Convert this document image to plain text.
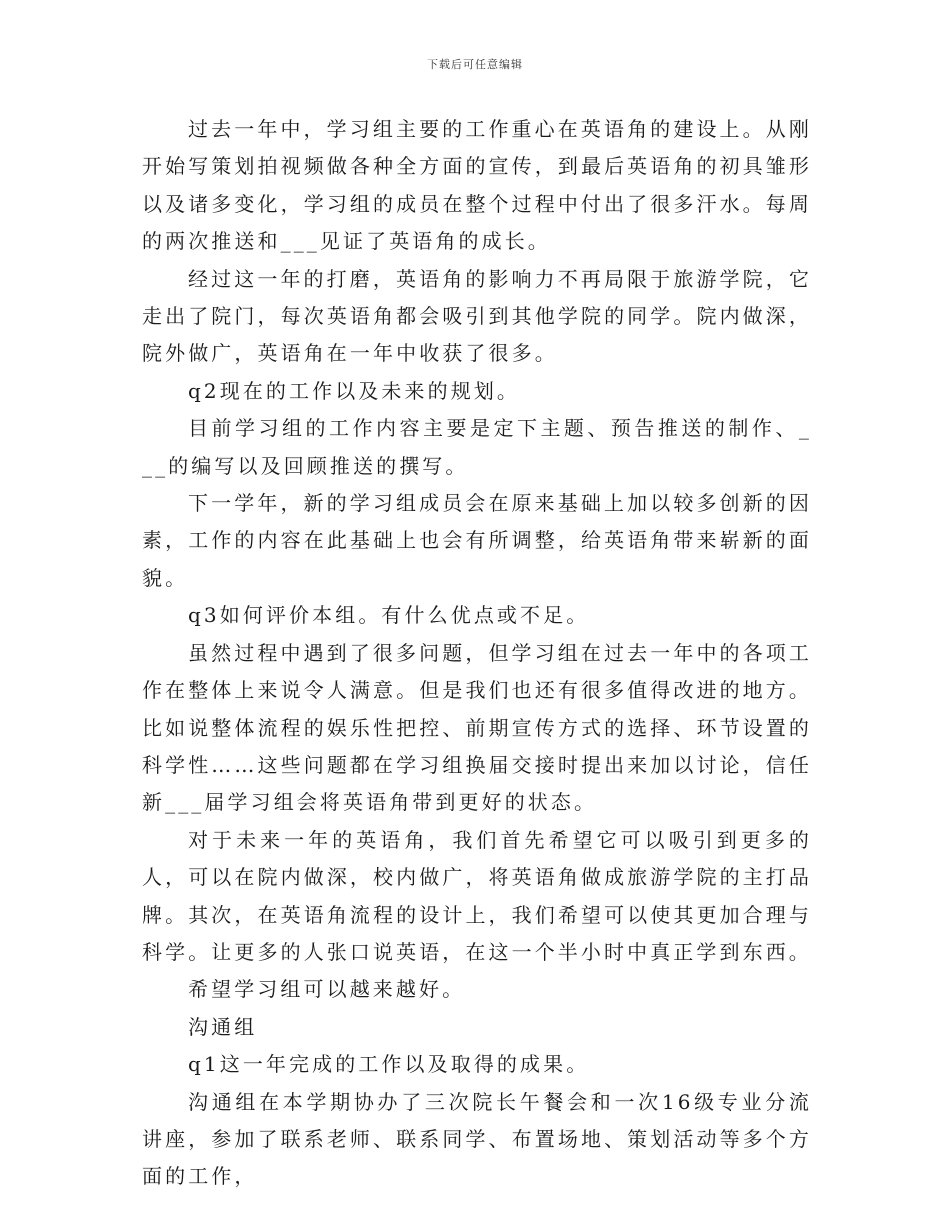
下载后可任意编辑

过去一年中，学习组主要的工作重心在英语角的建设上。从刚开始写策划拍视频做各种全方面的宣传，到最后英语角的初具雏形以及诸多变化，学习组的成员在整个过程中付出了很多汗水。每周的两次推送和___见证了英语角的成长。

经过这一年的打磨，英语角的影响力不再局限于旅游学院，它走出了院门，每次英语角都会吸引到其他学院的同学。院内做深，院外做广，英语角在一年中收获了很多。

q2现在的工作以及未来的规划。

目前学习组的工作内容主要是定下主题、预告推送的制作、___的编写以及回顾推送的撰写。

下一学年，新的学习组成员会在原来基础上加以较多创新的因素，工作的内容在此基础上也会有所调整，给英语角带来崭新的面貌。

q3如何评价本组。有什么优点或不足。

虽然过程中遇到了很多问题，但学习组在过去一年中的各项工作在整体上来说令人满意。但是我们也还有很多值得改进的地方。比如说整体流程的娱乐性把控、前期宣传方式的选择、环节设置的科学性……这些问题都在学习组换届交接时提出来加以讨论，信任新___届学习组会将英语角带到更好的状态。

对于未来一年的英语角，我们首先希望它可以吸引到更多的人，可以在院内做深，校内做广，将英语角做成旅游学院的主打品牌。其次，在英语角流程的设计上，我们希望可以使其更加合理与科学。让更多的人张口说英语，在这一个半小时中真正学到东西。

希望学习组可以越来越好。

沟通组

q1这一年完成的工作以及取得的成果。

沟通组在本学期协办了三次院长午餐会和一次16级专业分流讲座，参加了联系老师、联系同学、布置场地、策划活动等多个方面的工作，
